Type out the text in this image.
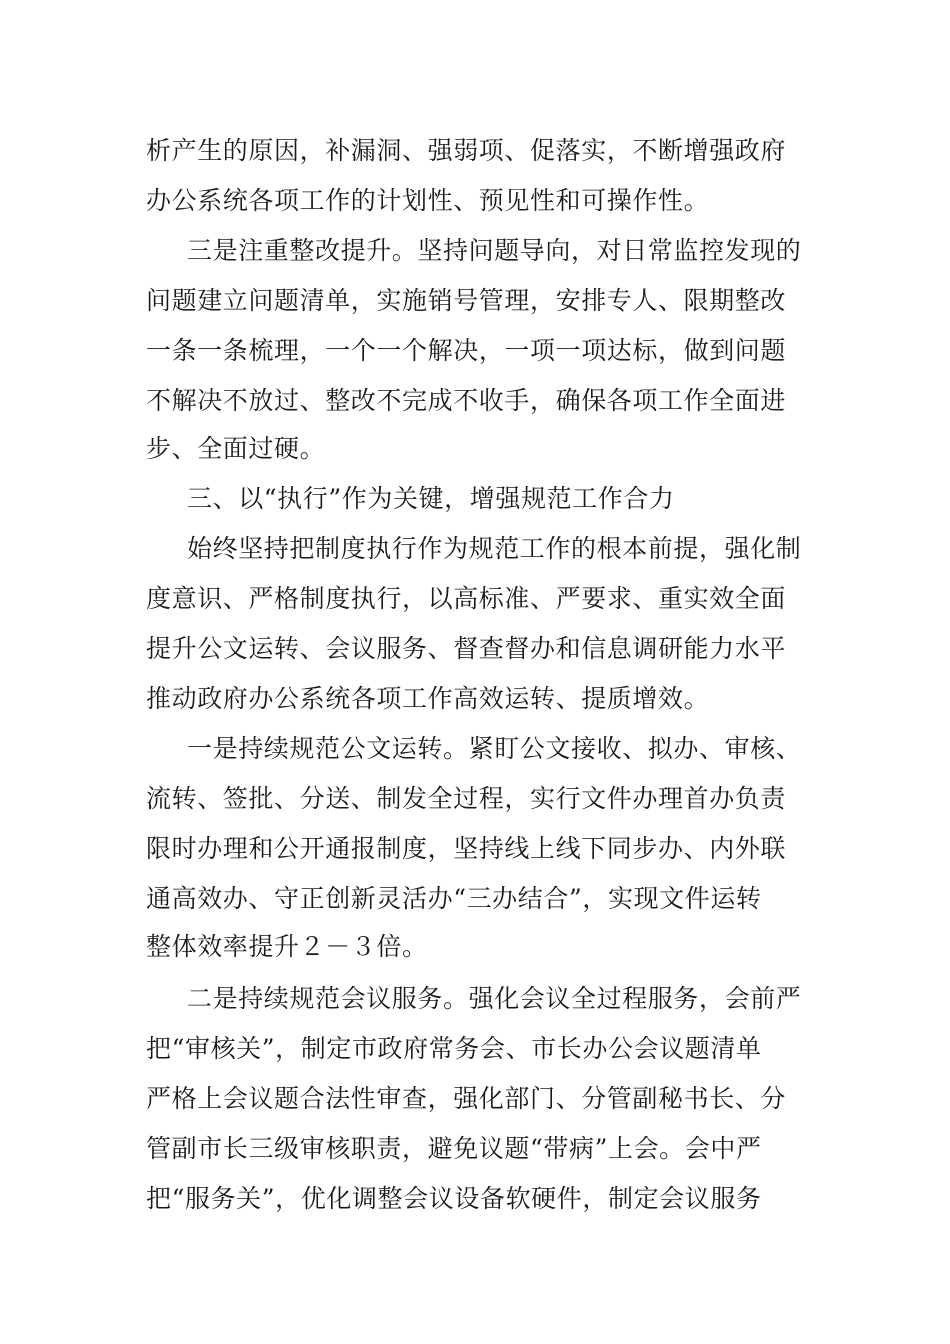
析产生的原因，补漏洞、强弱项、促落实，不断增强政府
办公系统各项工作的计划性、预见性和可操作性。
三是注重整改提升。坚持问题导向，对日常监控发现的
问题建立问题清单，实施销号管理，安排专人、限期整改
一条一条梳理，一个一个解决，一项一项达标，做到问题
不解决不放过、整改不完成不收手，确保各项工作全面进
步、全面过硬。
三、以“执行”作为关键，增强规范工作合力
始终坚持把制度执行作为规范工作的根本前提，强化制
度意识、严格制度执行，以高标准、严要求、重实效全面
提升公文运转、会议服务、督查督办和信息调研能力水平
推动政府办公系统各项工作高效运转、提质增效。
一是持续规范公文运转。紧盯公文接收、拟办、审核、
流转、签批、分送、制发全过程，实行文件办理首办负责
限时办理和公开通报制度，坚持线上线下同步办、内外联
通高效办、守正创新灵活办“三办结合”，实现文件运转
整体效率提升２－３倍。
二是持续规范会议服务。强化会议全过程服务，会前严
把“审核关”，制定市政府常务会、市长办公会议题清单
严格上会议题合法性审查，强化部门、分管副秘书长、分
管副市长三级审核职责，避免议题“带病”上会。会中严
把“服务关”，优化调整会议设备软硬件，制定会议服务
